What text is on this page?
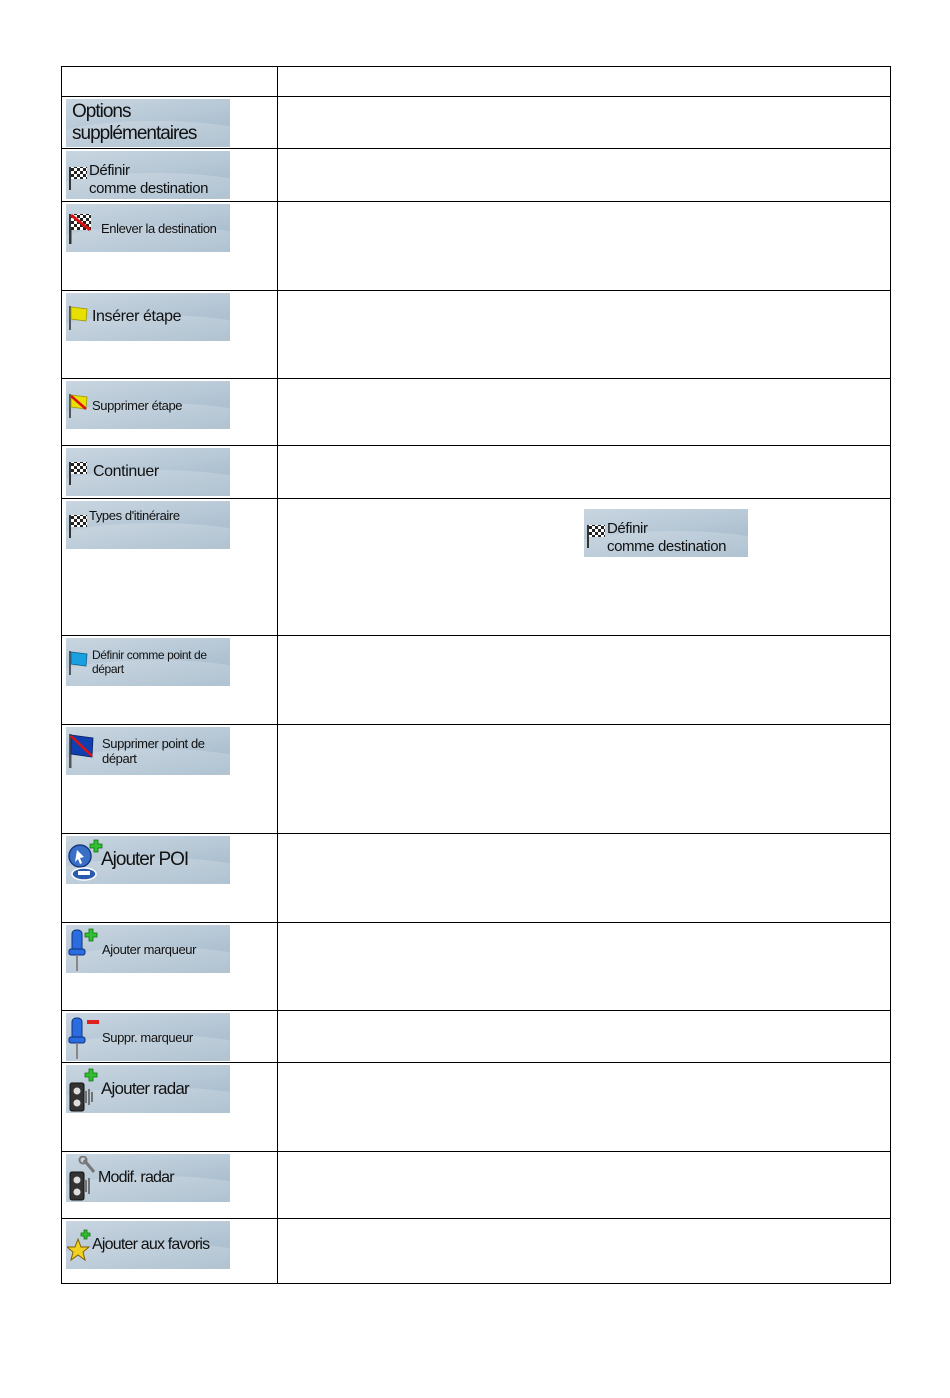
Options supplémentaires	

Définir
comme destination	

Enlever la destination	

Insérer étape	

Supprimer étape	

Continuer	

Types d'itinéraire	Définir
comme destination

Définir comme point de départ	

Supprimer point de départ	

Ajouter POI	

Ajouter marqueur	

Suppr. marqueur	

Ajouter radar	

Modif. radar	

Ajouter aux favoris	
